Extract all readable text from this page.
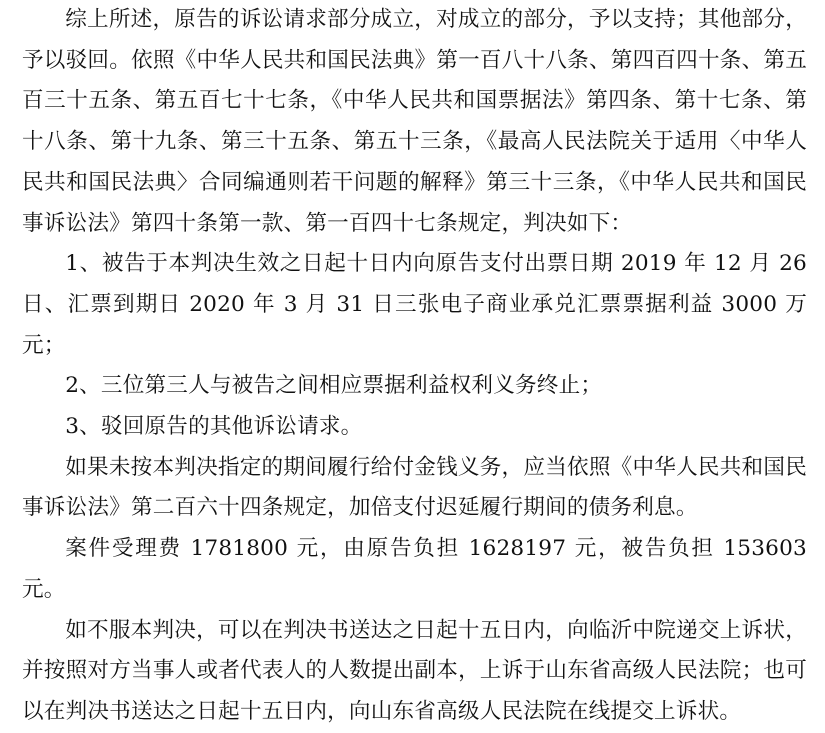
综上所述，原告的诉讼请求部分成立，对成立的部分，予以支持；其他部分，予以驳回。依照《中华人民共和国民法典》第一百八十八条、第四百四十条、第五百三十五条、第五百七十七条，《中华人民共和国票据法》第四条、第十七条、第十八条、第十九条、第三十五条、第五十三条，《最高人民法院关于适用〈中华人民共和国民法典〉合同编通则若干问题的解释》第三十三条，《中华人民共和国民事诉讼法》第四十条第一款、第一百四十七条规定，判决如下：

1、被告于本判决生效之日起十日内向原告支付出票日期 2019 年 12 月 26 日、汇票到期日 2020 年 3 月 31 日三张电子商业承兑汇票票据利益 3000 万元；

2、三位第三人与被告之间相应票据利益权利义务终止；

3、驳回原告的其他诉讼请求。

如果未按本判决指定的期间履行给付金钱义务，应当依照《中华人民共和国民事诉讼法》第二百六十四条规定，加倍支付迟延履行期间的债务利息。

案件受理费 1781800 元，由原告负担 1628197 元，被告负担 153603 元。

如不服本判决，可以在判决书送达之日起十五日内，向临沂中院递交上诉状，并按照对方当事人或者代表人的人数提出副本，上诉于山东省高级人民法院；也可以在判决书送达之日起十五日内，向山东省高级人民法院在线提交上诉状。
